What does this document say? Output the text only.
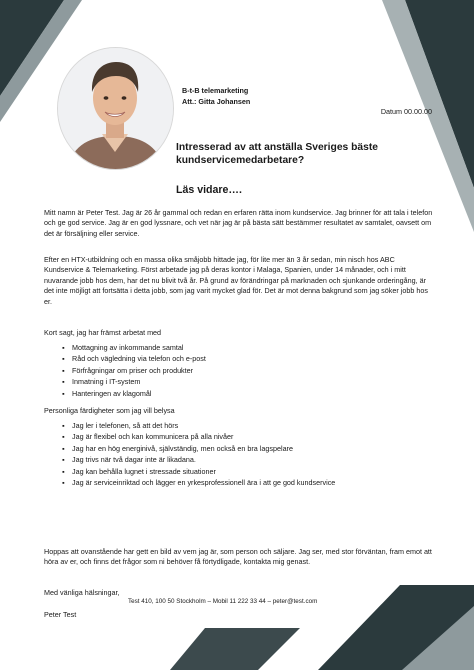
B-t-B telemarketing
Att.: Gitta Johansen
Datum 00.00.00
Intresserad av att anställa Sveriges bäste kundservicemedarbetare?
Läs vidare….

Mitt namn är Peter Test. Jag är 26 år gammal och redan en erfaren rätta inom kundservice. Jag brinner för att tala i telefon och ge god service. Jag är en god lyssnare, och vet när jag är på bästa sätt bestämmer resultatet av samtalet, oavsett om det är försäljning eller service.

Efter en HTX-utbildning och en massa olika småjobb hittade jag, för lite mer än 3 år sedan, min nisch hos ABC Kundservice & Telemarketing. Först arbetade jag på deras kontor i Malaga, Spanien, under 14 månader, och i mitt nuvarande jobb hos dem, har det nu blivit två år. På grund av förändringar på marknaden och sjunkande orderingång, är det inte möjligt att fortsätta i detta jobb, som jag varit mycket glad för. Det är mot denna bakgrund som jag söker jobb hos er.

Kort sagt, jag har främst arbetat med

▪ Mottagning av inkommande samtal
▪ Råd och vägledning via telefon och e-post
▪ Förfrågningar om priser och produkter
▪ Inmatning i IT-system
▪ Hanteringen av klagomål

Personliga färdigheter som jag vill belysa

▪ Jag ler i telefonen, så att det hörs
▪ Jag är flexibel och kan kommunicera på alla nivåer
▪ Jag har en hög energinivå, självständig, men också en bra lagspelare
▪ Jag trivs när två dagar inte är likadana.
▪ Jag kan behålla lugnet i stressade situationer
▪ Jag är serviceinriktad och lägger en yrkesprofessionell ära i att ge god kundservice

Hoppas att ovanstående har gett en bild av vem jag är, som person och säljare. Jag ser, med stor förväntan, fram emot att höra av er, och finns det frågor som ni behöver få förtydligade, kontakta mig genast.

Med vänliga hälsningar,

Peter Test

Test 410, 100 50 Stockholm – Mobil 11 222 33 44 – peter@test.com
